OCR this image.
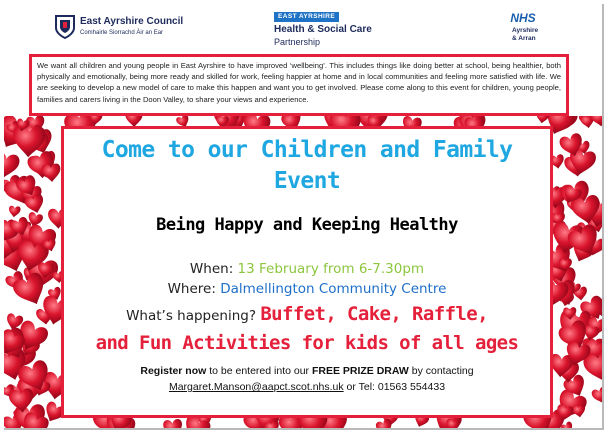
East Ayrshire Council
Comhairle Siorrachd Àir an Ear
EAST AYRSHIRE
Health & Social Care
Partnership
NHS
Ayrshire
& Arran
We want all children and young people in East Ayrshire to have improved ‘wellbeing’. This includes things like doing better at school, being healthier, both physically and emotionally, being more ready and skilled for work, feeling happier at home and in local communities and feeling more satisfied with life. We are seeking to develop a new model of care to make this happen and want you to get involved. Please come along to this event for children, young people, families and carers living in the Doon Valley, to share your views and experience.
Come to our Children and Family
Event
Being Happy and Keeping Healthy
When: 13 February from 6-7.30pm
Where: Dalmellington Community Centre
What’s happening? Buffet, Cake, Raffle,
and Fun Activities for kids of all ages
Register now to be entered into our FREE PRIZE DRAW by contacting
Margaret.Manson@aapct.scot.nhs.uk or Tel: 01563 554433
